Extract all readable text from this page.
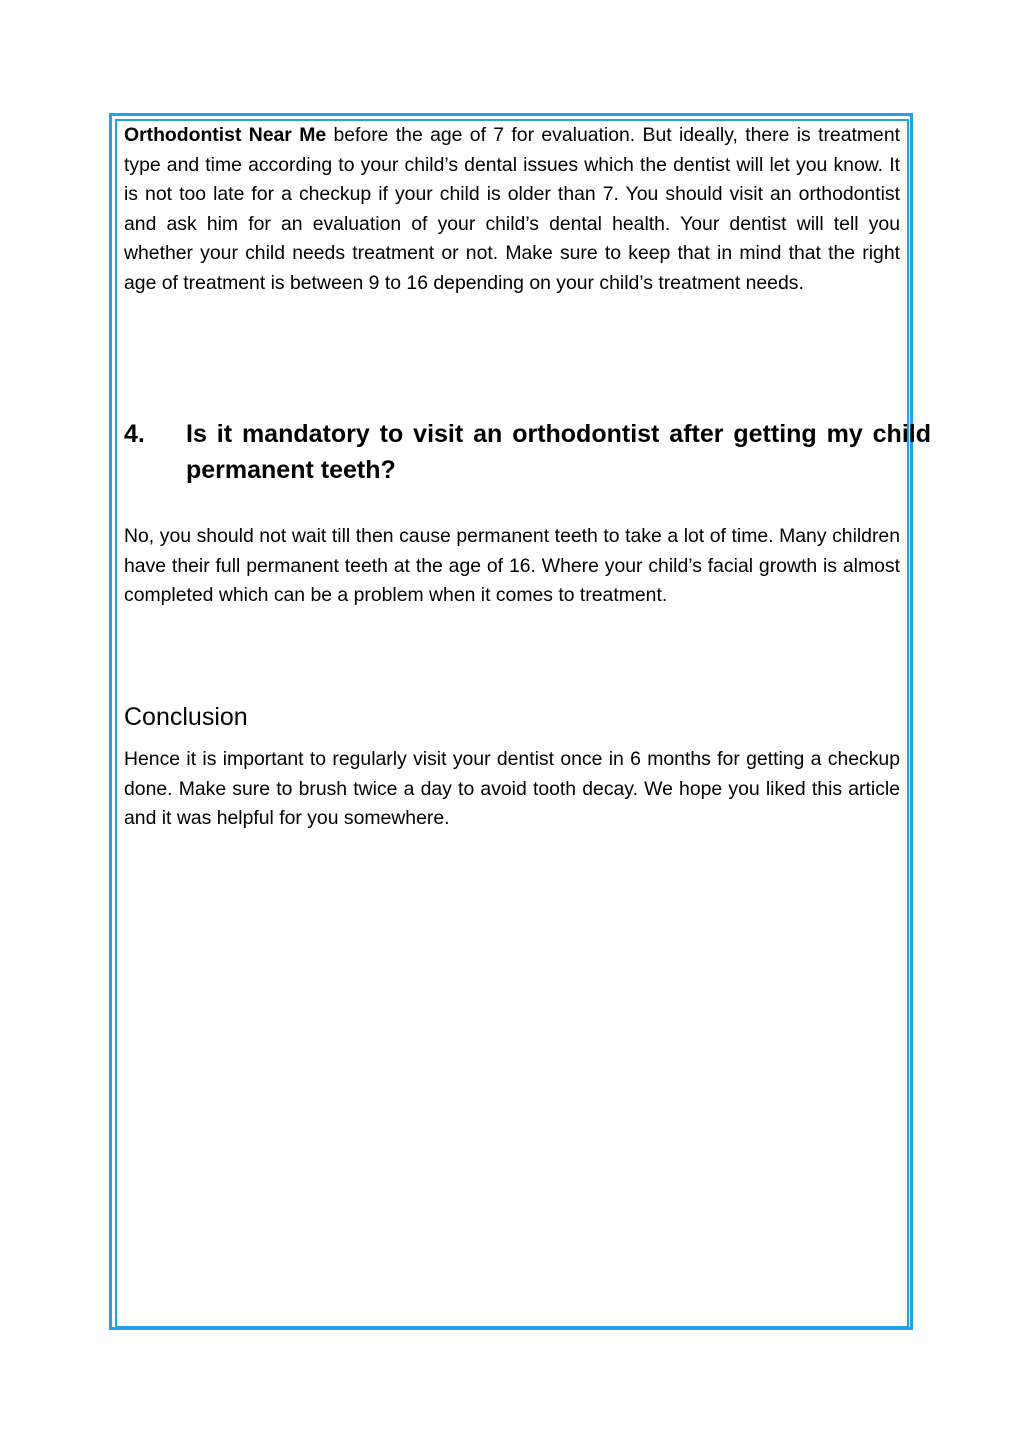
Orthodontist Near Me before the age of 7 for evaluation. But ideally, there is treatment type and time according to your child’s dental issues which the dentist will let you know. It is not too late for a checkup if your child is older than 7. You should visit an orthodontist and ask him for an evaluation of your child’s dental health. Your dentist will tell you whether your child needs treatment or not. Make sure to keep that in mind that the right age of treatment is between 9 to 16 depending on your child’s treatment needs.

4. Is it mandatory to visit an orthodontist after getting my child permanent teeth?

No, you should not wait till then cause permanent teeth to take a lot of time. Many children have their full permanent teeth at the age of 16. Where your child’s facial growth is almost completed which can be a problem when it comes to treatment.

Conclusion

Hence it is important to regularly visit your dentist once in 6 months for getting a checkup done. Make sure to brush twice a day to avoid tooth decay. We hope you liked this article and it was helpful for you somewhere.
